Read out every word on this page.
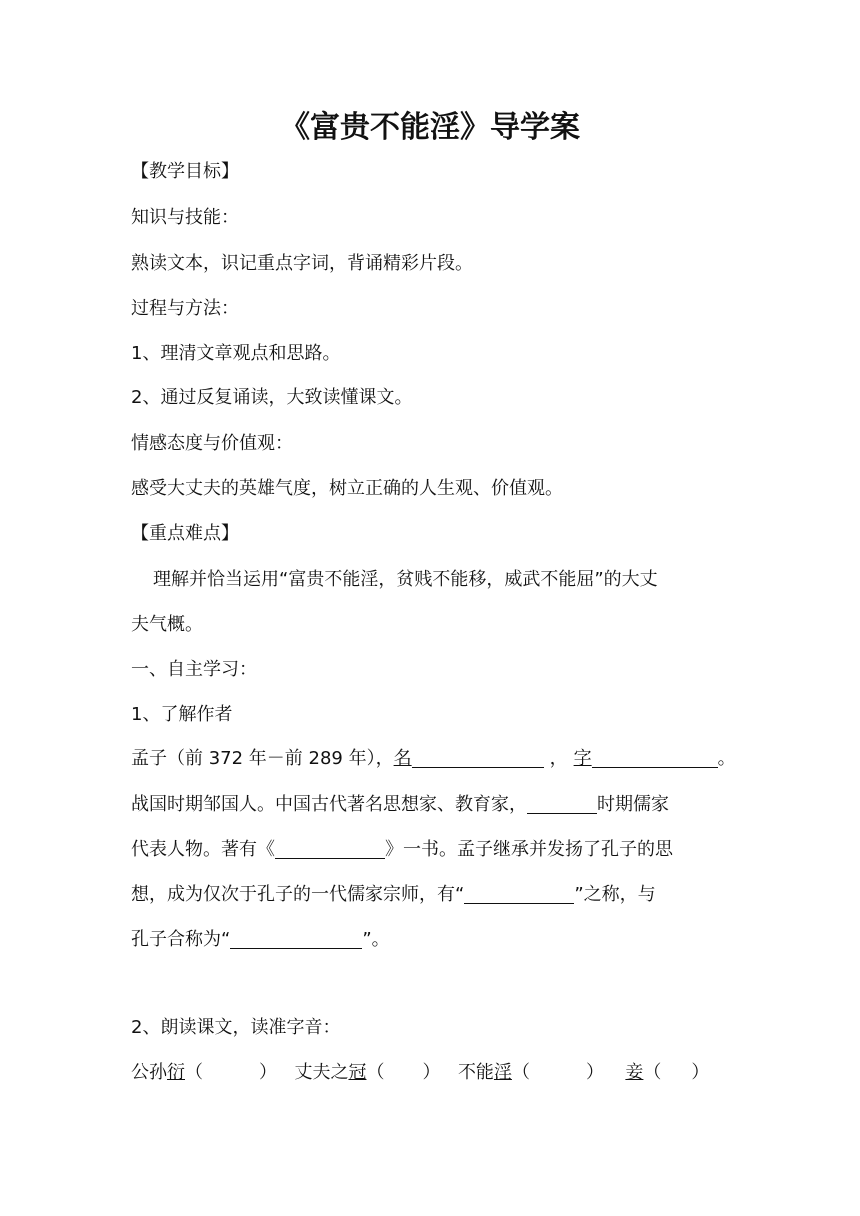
《富贵不能淫》导学案
【教学目标】
知识与技能：
熟读文本，识记重点字词，背诵精彩片段。
过程与方法：
1、理清文章观点和思路。
2、通过反复诵读，大致读懂课文。
情感态度与价值观：
感受大丈夫的英雄气度，树立正确的人生观、价值观。
【重点难点】
理解并恰当运用“富贵不能淫，贫贱不能移，威武不能屈”的大丈
夫气概。
一、自主学习：
1、了解作者
孟子（前 372 年－前 289 年），名	， 字	。
战国时期邹国人。中国古代著名思想家、教育家，	时期儒家
代表人物。著有《	》一书。孟子继承并发扬了孔子的思
想，成为仅次于孔子的一代儒家宗师，有“	”之称，与
孔子合称为“	”。
2、朗读课文，读准字音：
公孙衍（	） 丈夫之冠（ ） 不能淫（	） 妾（ ）
